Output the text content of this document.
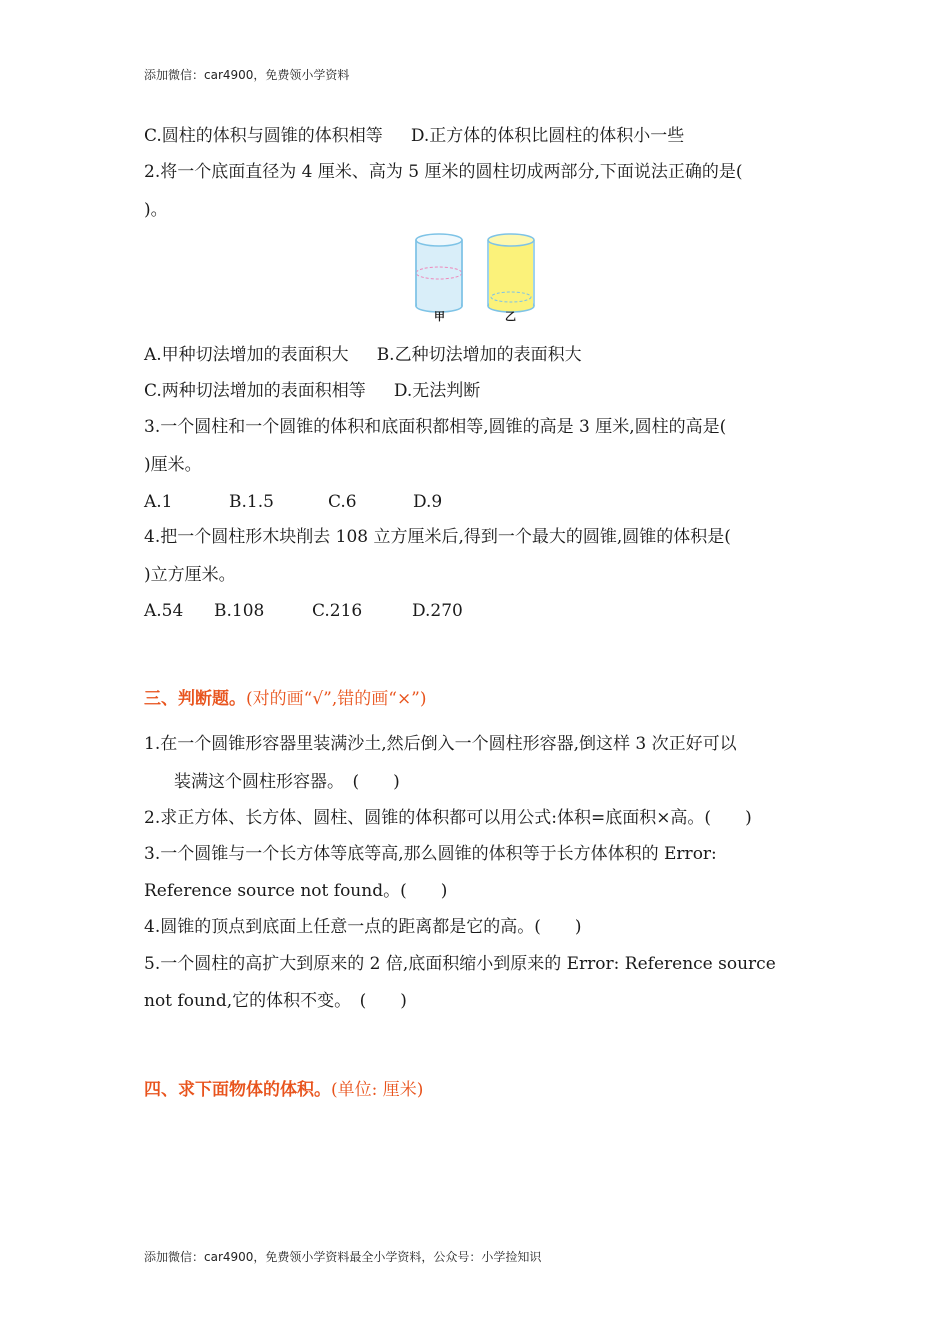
添加微信：car4900，免费领小学资料
C.圆柱的体积与圆锥的体积相等 D.正方体的体积比圆柱的体积小一些
2.将一个底面直径为 4 厘米、高为 5 厘米的圆柱切成两部分,下面说法正确的是(
)。
甲	乙
A.甲种切法增加的表面积大 B.乙种切法增加的表面积大
C.两种切法增加的表面积相等 D.无法判断
3.一个圆柱和一个圆锥的体积和底面积都相等,圆锥的高是 3 厘米,圆柱的高是(
)厘米。
A.1	B.1.5	C.6	D.9
4.把一个圆柱形木块削去 108 立方厘米后,得到一个最大的圆锥,圆锥的体积是(
)立方厘米。
A.54 B.108	C.216	D.270
三、判断题。(对的画“√”,错的画“×”)
1.在一个圆锥形容器里装满沙土,然后倒入一个圆柱形容器,倒这样 3 次正好可以
装满这个圆柱形容器。　(　　)
2.求正方体、长方体、圆柱、圆锥的体积都可以用公式:体积=底面积×高。(　　)
3.一个圆锥与一个长方体等底等高,那么圆锥的体积等于长方体体积的 Error:
Reference source not found。(　　)
4.圆锥的顶点到底面上任意一点的距离都是它的高。(　　)
5.一个圆柱的高扩大到原来的 2 倍,底面积缩小到原来的 Error: Reference source
not found,它的体积不变。　(　　)
四、求下面物体的体积。(单位: 厘米)
添加微信：car4900，免费领小学资料最全小学资料，公众号：小学捡知识
